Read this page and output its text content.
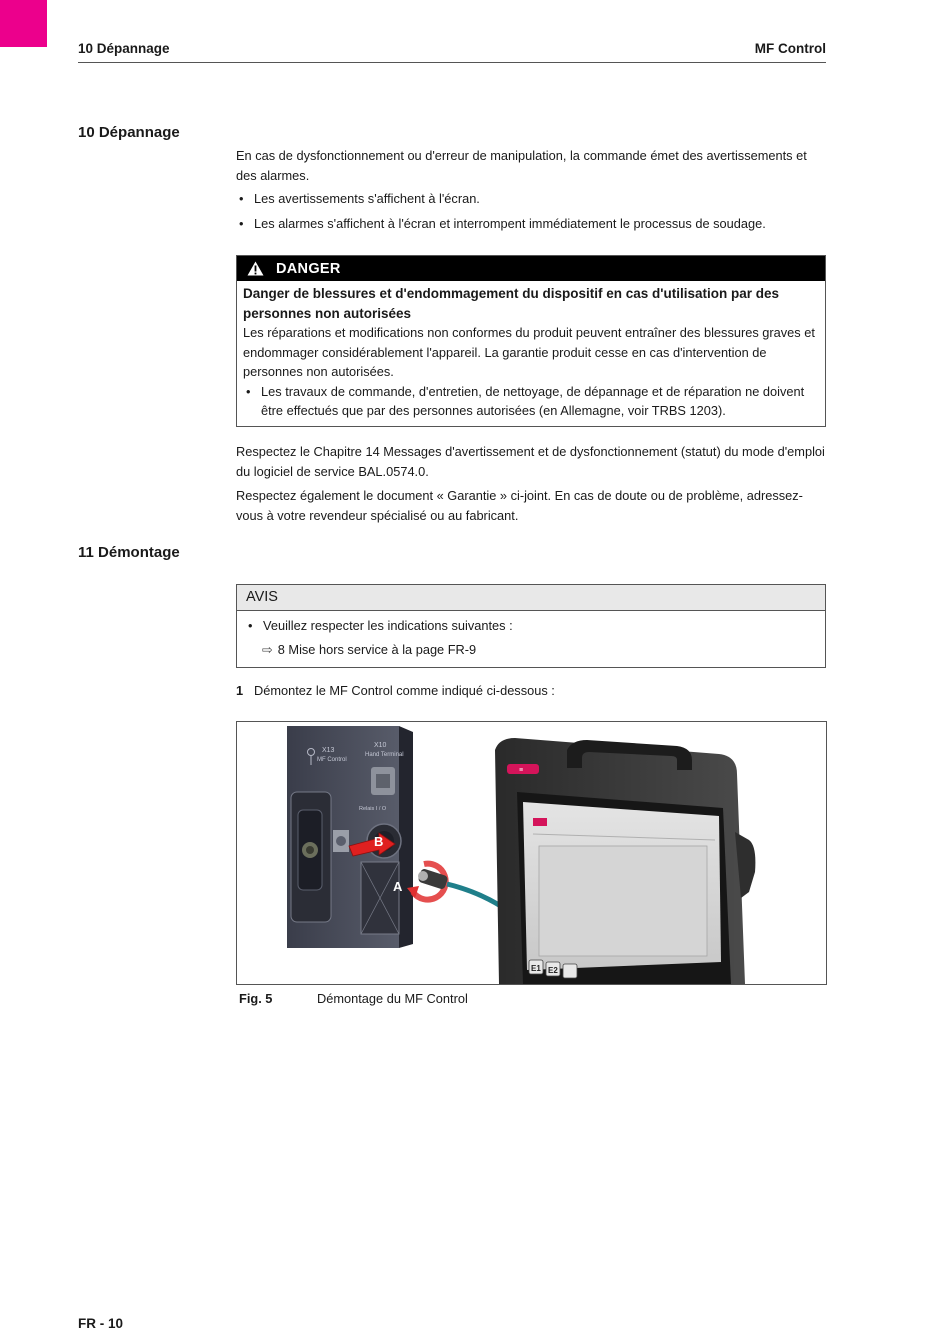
10 Dépannage	MF Control
10 Dépannage

En cas de dysfonctionnement ou d'erreur de manipulation, la commande émet des avertissements et des alarmes.

• Les avertissements s'affichent à l'écran.
• Les alarmes s'affichent à l'écran et interrompent immédiatement le processus de soudage.
DANGER
Danger de blessures et d'endommagement du dispositif en cas d'utilisation par des personnes non autorisées
Les réparations et modifications non conformes du produit peuvent entraîner des blessures graves et endommager considérablement l'appareil. La garantie produit cesse en cas d'intervention de personnes non autorisées.
• Les travaux de commande, d'entretien, de nettoyage, de dépannage et de réparation ne doivent être effectués que par des personnes autorisées (en Allemagne, voir TRBS 1203).

Respectez le Chapitre 14 Messages d'avertissement et de dysfonctionnement (statut) du mode d'emploi du logiciel de service BAL.0574.0.

Respectez également le document « Garantie » ci-joint. En cas de doute ou de problème, adressez-vous à votre revendeur spécialisé ou au fabricant.

11 Démontage
AVIS
• Veuillez respecter les indications suivantes :
⇨ 8 Mise hors service à la page FR-9
1 Démontez le MF Control comme indiqué ci-dessous :
X13
MF Control
X10
Hand Terminal
Relais I / O
B
A
≡
E1 E2
Fig. 5	Démontage du MF Control
FR - 10
